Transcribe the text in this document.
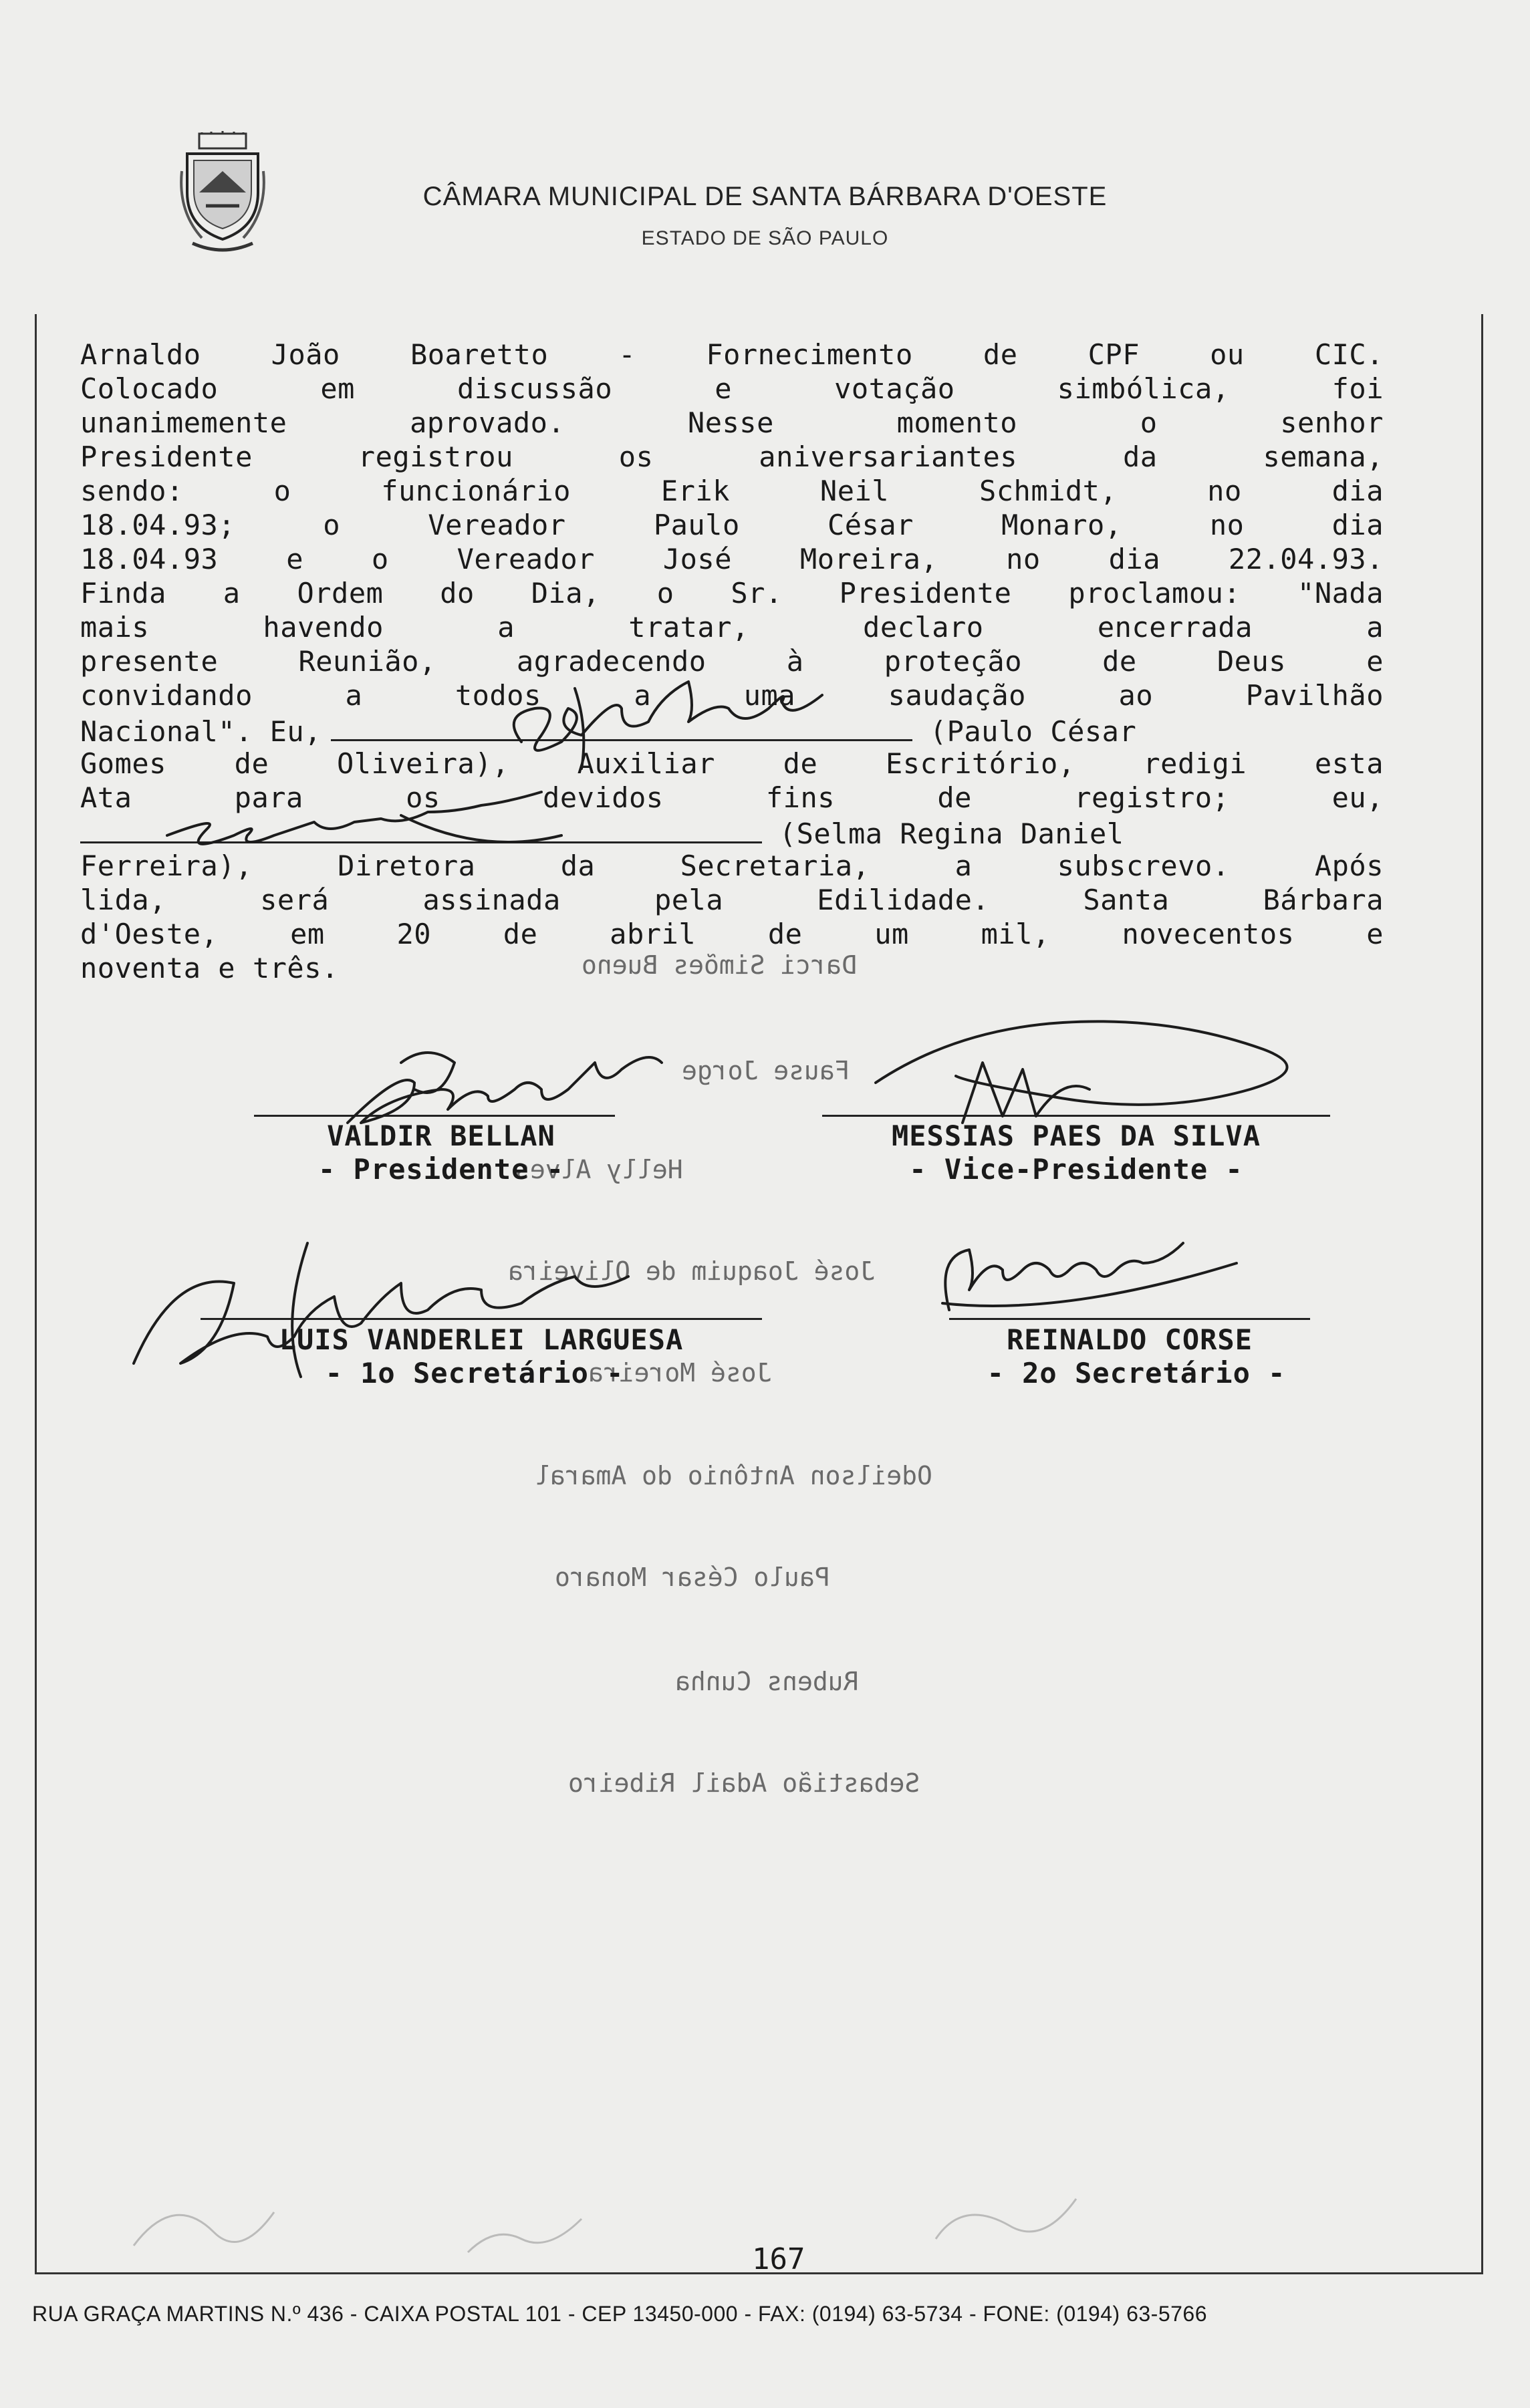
CÂMARA MUNICIPAL DE SANTA BÁRBARA D'OESTE
ESTADO DE SÃO PAULO
Arnaldo João Boaretto - Fornecimento de CPF ou CIC.
Colocado em discussão e votação simbólica, foi
unanimemente aprovado. Nesse momento o senhor
Presidente registrou os aniversariantes da semana,
sendo: o funcionário Erik Neil Schmidt, no dia
18.04.93; o Vereador Paulo César Monaro, no dia
18.04.93 e o Vereador José Moreira, no dia 22.04.93.
Finda a Ordem do Dia, o Sr. Presidente proclamou: "Nada
mais havendo a tratar, declaro encerrada a
presente Reunião, agradecendo à proteção de Deus e
convidando a todos a uma saudação ao Pavilhão
Nacional". Eu,	(Paulo César
Gomes de Oliveira), Auxiliar de Escritório, redigi esta
Ata para os devidos fins de registro; eu,
(Selma Regina Daniel
Ferreira), Diretora da Secretaria, a subscrevo. Após
lida, será assinada pela Edilidade. Santa Bárbara
d'Oeste, em 20 de abril de um mil, novecentos e
noventa e três.	Darci Simões Bueno
Fause Jorge
Helly Alves
José Joaquim de Oliveira
José Moreira
Odeilson Antônio do Amaral
Paulo César Monaro
Rubens Cunha
Sebastião Adail Ribeiro
VALDIR BELLAN
- Presidente -
MESSIAS PAES DA SILVA
- Vice-Presidente -
LUIS VANDERLEI LARGUESA
- 1o Secretário -
REINALDO CORSE
- 2o Secretário -
167
RUA GRAÇA MARTINS N.º 436 - CAIXA POSTAL 101 - CEP 13450-000 - FAX: (0194) 63-5734 - FONE: (0194) 63-5766
